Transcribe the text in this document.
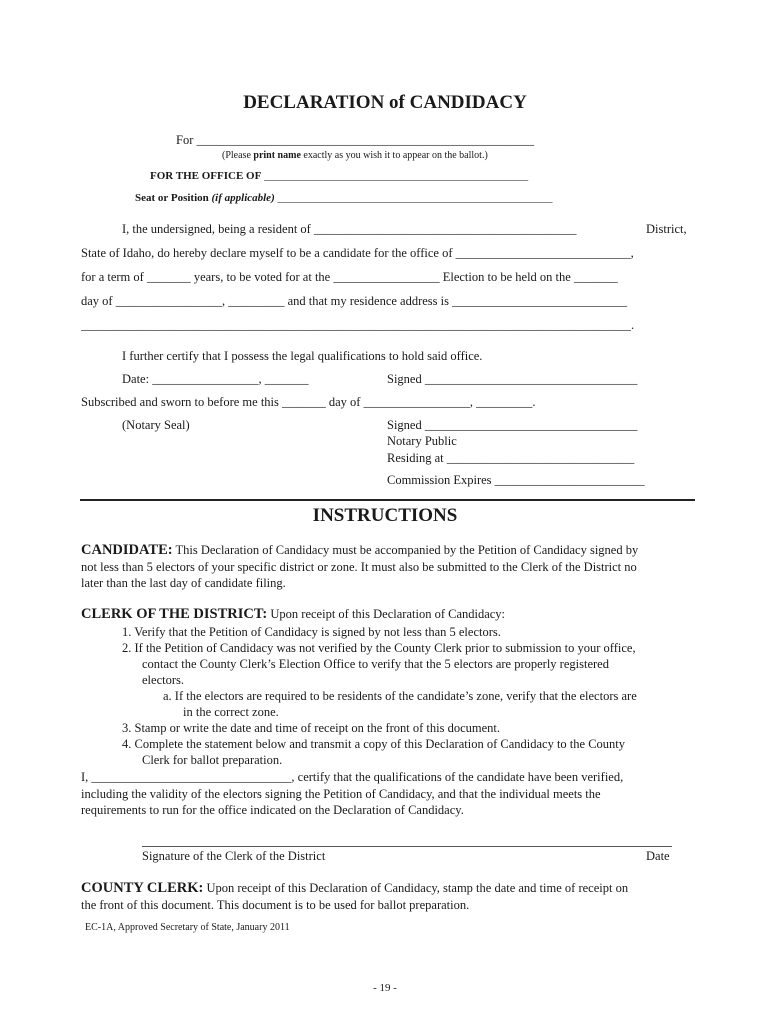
DECLARATION of CANDIDACY
For ______________________________________________________
(Please print name exactly as you wish it to appear on the ballot.)
FOR THE OFFICE OF ________________________________________________
Seat or Position (if applicable) __________________________________________________
I, the undersigned, being a resident of __________________________________________	District,
State of Idaho, do hereby declare myself to be a candidate for the office of ____________________________,
for a term of _______ years, to be voted for at the _________________ Election to be held on the _______
day of _________________, _________ and that my residence address is ____________________________
________________________________________________________________________________________.
I further certify that I possess the legal qualifications to hold said office.
Date: _________________, _______	Signed __________________________________
Subscribed and sworn to before me this _______ day of _________________, _________.
(Notary Seal)	Signed __________________________________
Notary Public
Residing at ______________________________
Commission Expires ________________________
INSTRUCTIONS
CANDIDATE: This Declaration of Candidacy must be accompanied by the Petition of Candidacy signed by
not less than 5 electors of your specific district or zone. It must also be submitted to the Clerk of the District no
later than the last day of candidate filing.
CLERK OF THE DISTRICT: Upon receipt of this Declaration of Candidacy:
1. Verify that the Petition of Candidacy is signed by not less than 5 electors.
2. If the Petition of Candidacy was not verified by the County Clerk prior to submission to your office,
contact the County Clerk’s Election Office to verify that the 5 electors are properly registered
electors.
a. If the electors are required to be residents of the candidate’s zone, verify that the electors are
in the correct zone.
3. Stamp or write the date and time of receipt on the front of this document.
4. Complete the statement below and transmit a copy of this Declaration of Candidacy to the County
Clerk for ballot preparation.
I, ________________________________, certify that the qualifications of the candidate have been verified,
including the validity of the electors signing the Petition of Candidacy, and that the individual meets the
requirements to run for the office indicated on the Declaration of Candidacy.
Signature of the Clerk of the District	Date
COUNTY CLERK: Upon receipt of this Declaration of Candidacy, stamp the date and time of receipt on
the front of this document. This document is to be used for ballot preparation.
EC-1A, Approved Secretary of State, January 2011
- 19 -
